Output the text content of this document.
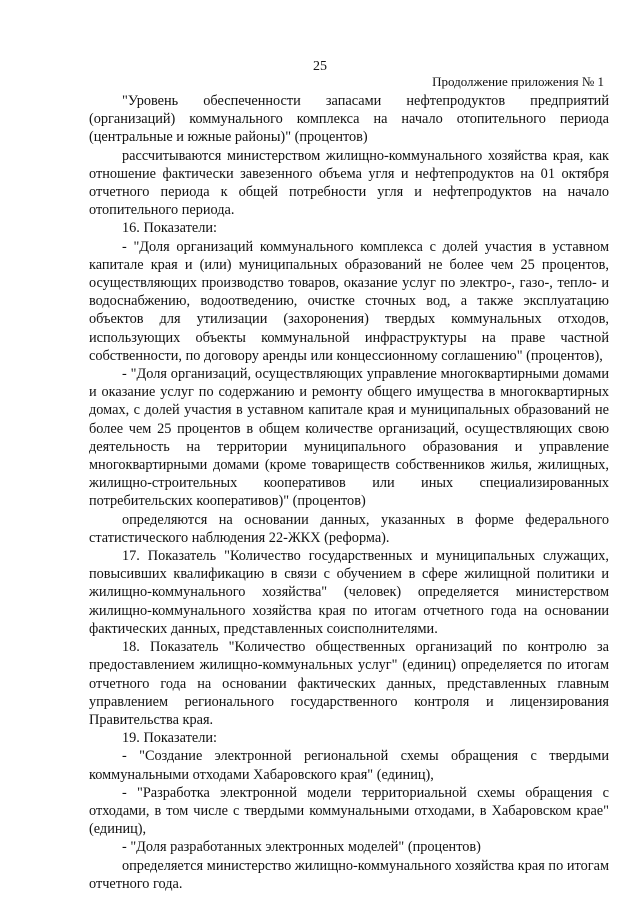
25
Продолжение приложения № 1

"Уровень обеспеченности запасами нефтепродуктов предприятий (организаций) коммунального комплекса на начало отопительного периода (центральные и южные районы)" (процентов)

рассчитываются министерством жилищно-коммунального хозяйства края, как отношение фактически завезенного объема угля и нефтепродуктов на 01 октября отчетного периода к общей потребности угля и нефтепродуктов на начало отопительного периода.

16. Показатели:

- "Доля организаций коммунального комплекса с долей участия в уставном капитале края и (или) муниципальных образований не более чем 25 процентов, осуществляющих производство товаров, оказание услуг по электро-, газо-, тепло- и водоснабжению, водоотведению, очистке сточных вод, а также эксплуатацию объектов для утилизации (захоронения) твердых коммунальных отходов, использующих объекты коммунальной инфраструктуры на праве частной собственности, по договору аренды или концессионному соглашению" (процентов),

- "Доля организаций, осуществляющих управление многоквартирными домами и оказание услуг по содержанию и ремонту общего имущества в многоквартирных домах, с долей участия в уставном капитале края и муниципальных образований не более чем 25 процентов в общем количестве организаций, осуществляющих свою деятельность на территории муниципального образования и управление многоквартирными домами (кроме товариществ собственников жилья, жилищных, жилищно-строительных кооперативов или иных специализированных потребительских кооперативов)" (процентов)

определяются на основании данных, указанных в форме федерального статистического наблюдения 22-ЖКХ (реформа).

17. Показатель "Количество государственных и муниципальных служащих, повысивших квалификацию в связи с обучением в сфере жилищной политики и жилищно-коммунального хозяйства" (человек) определяется министерством жилищно-коммунального хозяйства края по итогам отчетного года на основании фактических данных, представленных соисполнителями.

18. Показатель "Количество общественных организаций по контролю за предоставлением жилищно-коммунальных услуг" (единиц) определяется по итогам отчетного года на основании фактических данных, представленных главным управлением регионального государственного контроля и лицензирования Правительства края.

19. Показатели:

- "Создание электронной региональной схемы обращения с твердыми коммунальными отходами Хабаровского края" (единиц),

- "Разработка электронной модели территориальной схемы обращения с отходами, в том числе с твердыми коммунальными отходами, в Хабаровском крае" (единиц),

- "Доля разработанных электронных моделей" (процентов)

определяется министерство жилищно-коммунального хозяйства края по итогам отчетного года.
